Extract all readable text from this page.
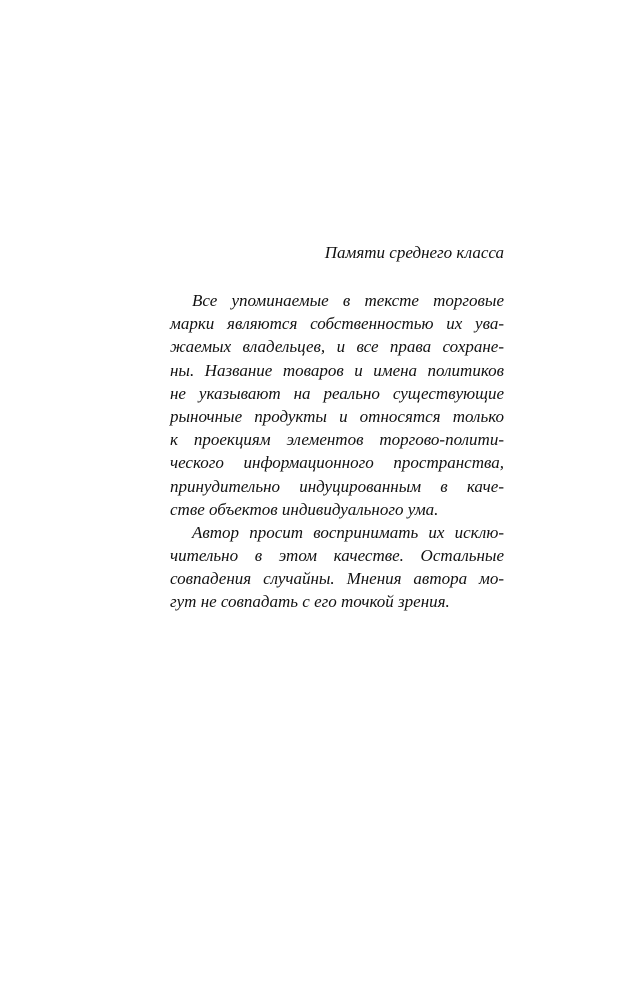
Памяти среднего класса
Все упоминаемые в тексте торговые
марки являются собственностью их ува-
жаемых владельцев, и все права сохране-
ны. Название товаров и имена политиков
не указывают на реально существующие
рыночные продукты и относятся только
к проекциям элементов торгово-полити-
ческого информационного пространства,
принудительно индуцированным в каче-
стве объектов индивидуального ума.
Автор просит воспринимать их исклю-
чительно в этом качестве. Остальные
совпадения случайны. Мнения автора мо-
гут не совпадать с его точкой зрения.
